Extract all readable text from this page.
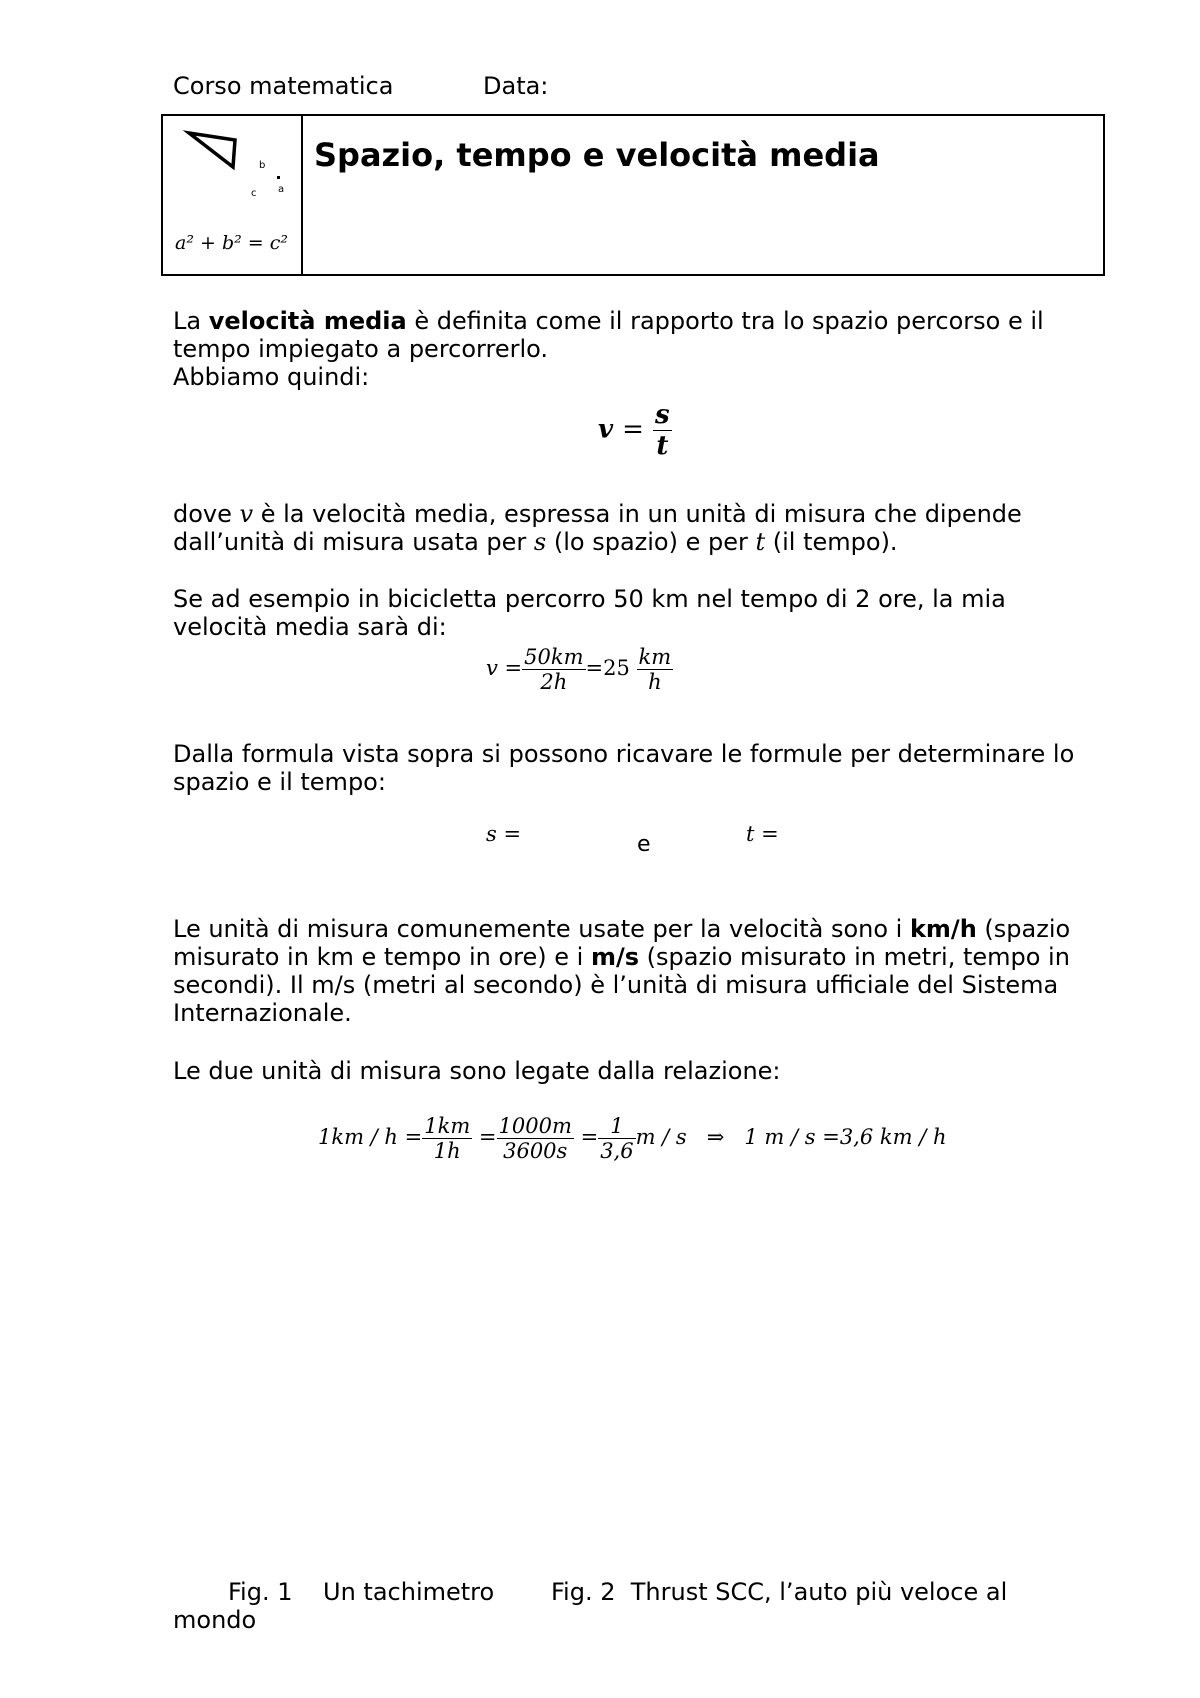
Corso matematica	Data:
b
c a
a² + b² = c²
Spazio, tempo e velocità media

La velocità media è definita come il rapporto tra lo spazio percorso e il tempo impiegato a percorrerlo.

Abbiamo quindi:

$v = \frac{s}{t}$

dove v è la velocità media, espressa in un unità di misura che dipende dall’unità di misura usata per s (lo spazio) e per t (il tempo).

Se ad esempio in bicicletta percorro 50 km nel tempo di 2 ore, la mia velocità media sarà di:

$v = \frac{50km}{2h} =25 \frac{km}{h}$

Dalla formula vista sopra si possono ricavare le formule per determinare lo spazio e il tempo:

s =	e	t =

Le unità di misura comunemente usate per la velocità sono i km/h (spazio misurato in km e tempo in ore) e i m/s (spazio misurato in metri, tempo in secondi). Il m/s (metri al secondo) è l’unità di misura ufficiale del Sistema Internazionale.

Le due unità di misura sono legate dalla relazione:

$1km / h = \frac{1km}{1h} = \frac{1000m}{3600s} = \frac{1}{3,6}$ m / s ⇒ 1 m / s =3,6 km / h
Fig. 1 Un tachimetro Fig. 2 Thrust SCC, l’auto più veloce al
mondo
